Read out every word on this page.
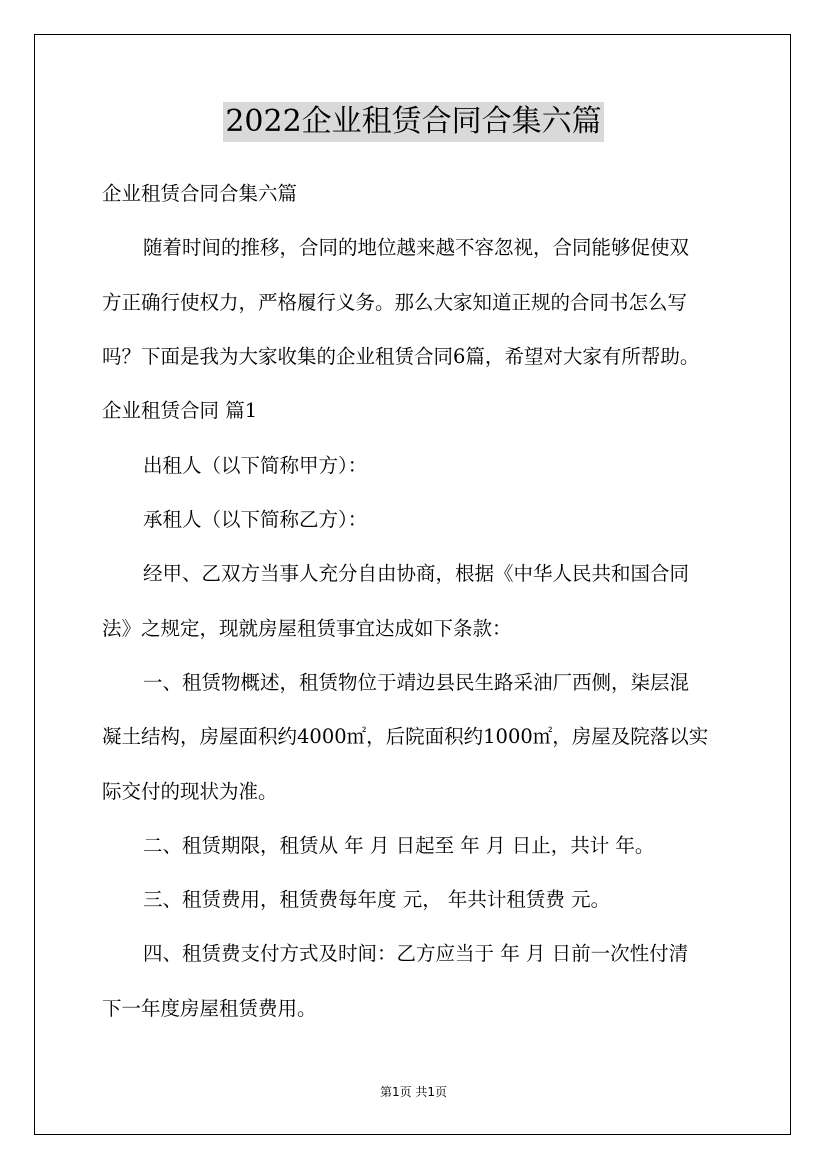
2022企业租赁合同合集六篇
企业租赁合同合集六篇
随着时间的推移，合同的地位越来越不容忽视，合同能够促使双
方正确行使权力，严格履行义务。那么大家知道正规的合同书怎么写
吗？下面是我为大家收集的企业租赁合同6篇，希望对大家有所帮助。
企业租赁合同 篇1
出租人（以下简称甲方）：
承租人（以下简称乙方）：
经甲、乙双方当事人充分自由协商，根据《中华人民共和国合同
法》之规定，现就房屋租赁事宜达成如下条款：
一、租赁物概述，租赁物位于靖边县民生路采油厂西侧，柒层混
凝土结构，房屋面积约4000㎡，后院面积约1000㎡，房屋及院落以实
际交付的现状为准。
二、租赁期限，租赁从 年 月 日起至 年 月 日止，共计 年。
三、租赁费用，租赁费每年度 元， 年共计租赁费 元。
四、租赁费支付方式及时间：乙方应当于 年 月 日前一次性付清
下一年度房屋租赁费用。
第1页 共1页
